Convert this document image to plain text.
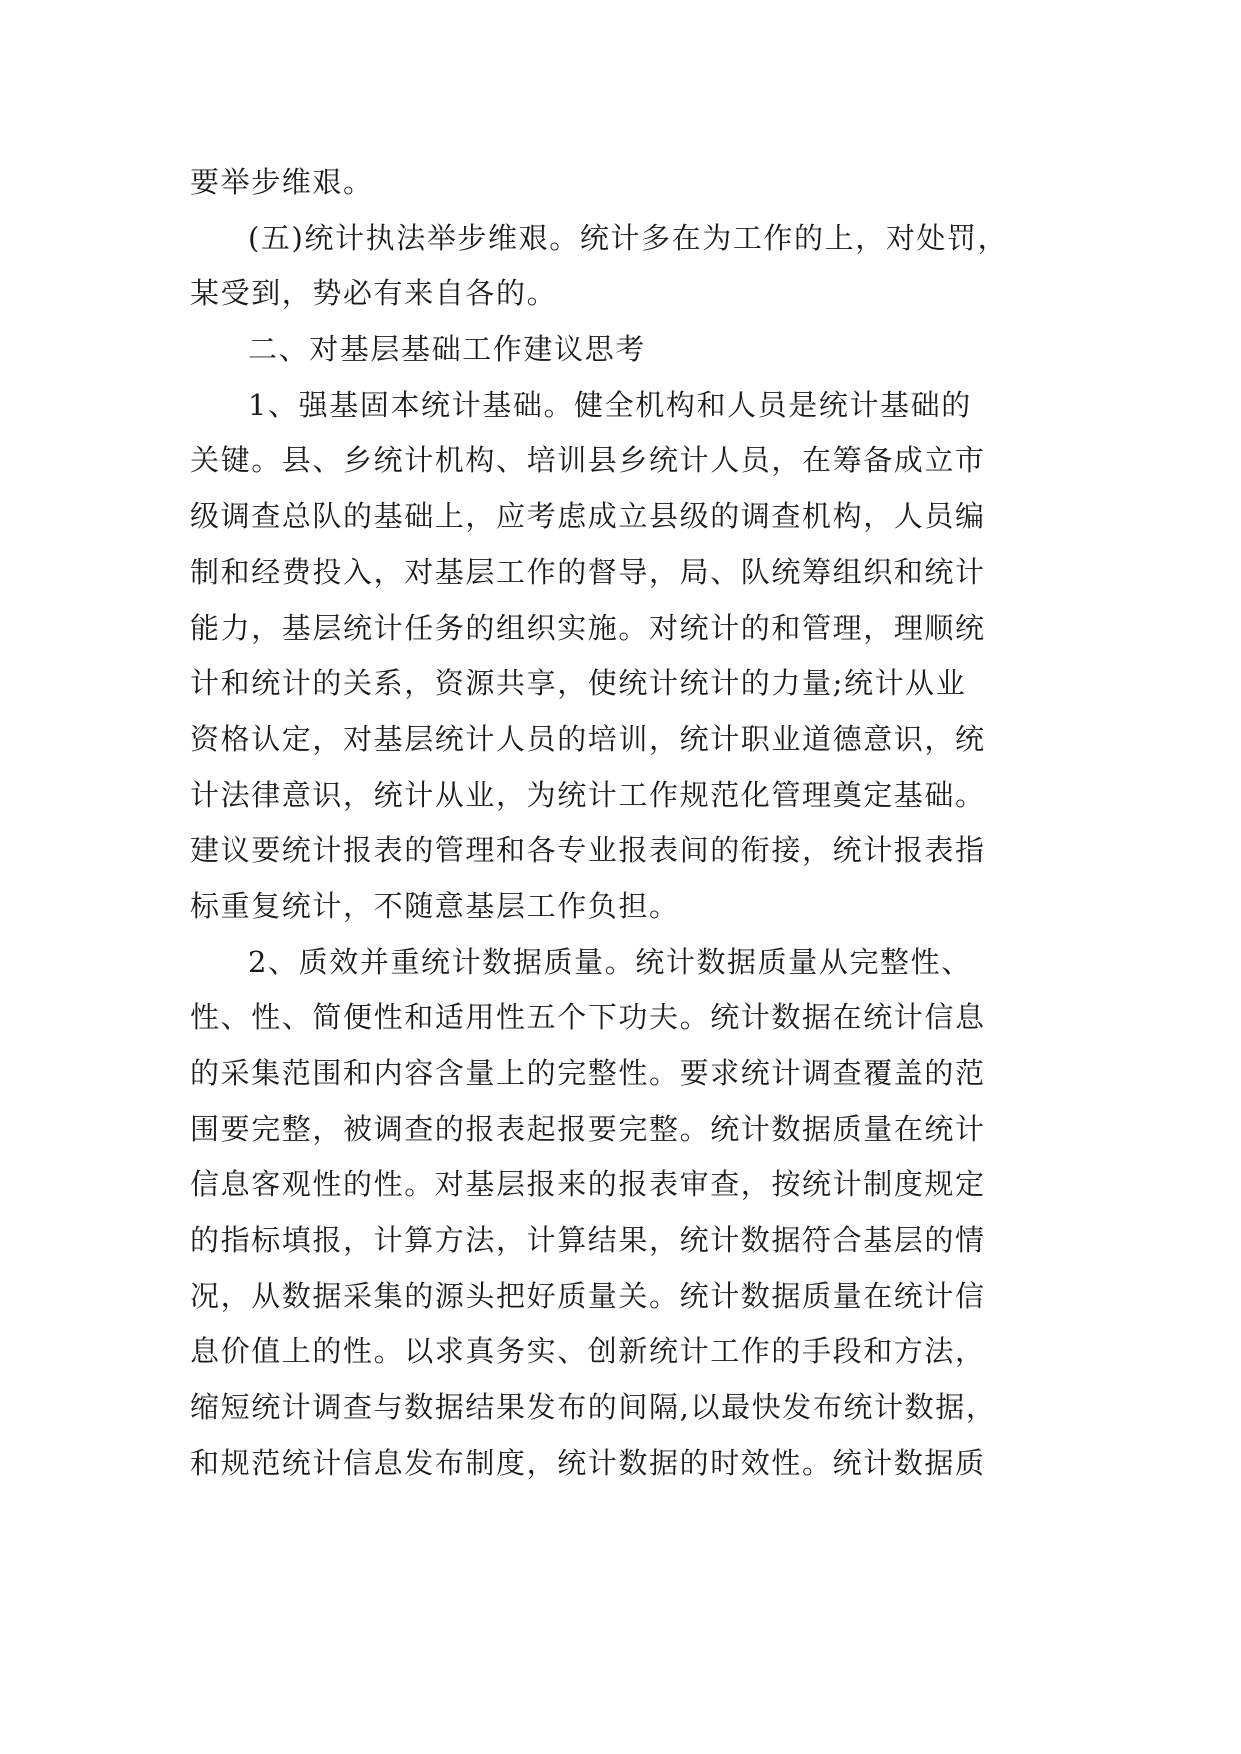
要举步维艰。
(五)统计执法举步维艰。统计多在为工作的上，对处罚，
某受到，势必有来自各的。
二、对基层基础工作建议思考
1、强基固本统计基础。健全机构和人员是统计基础的
关键。县、乡统计机构、培训县乡统计人员，在筹备成立市
级调查总队的基础上，应考虑成立县级的调查机构，人员编
制和经费投入，对基层工作的督导，局、队统筹组织和统计
能力，基层统计任务的组织实施。对统计的和管理，理顺统
计和统计的关系，资源共享，使统计统计的力量;统计从业
资格认定，对基层统计人员的培训，统计职业道德意识，统
计法律意识，统计从业，为统计工作规范化管理奠定基础。
建议要统计报表的管理和各专业报表间的衔接，统计报表指
标重复统计，不随意基层工作负担。
2、质效并重统计数据质量。统计数据质量从完整性、
性、性、简便性和适用性五个下功夫。统计数据在统计信息
的采集范围和内容含量上的完整性。要求统计调查覆盖的范
围要完整，被调查的报表起报要完整。统计数据质量在统计
信息客观性的性。对基层报来的报表审查，按统计制度规定
的指标填报，计算方法，计算结果，统计数据符合基层的情
况，从数据采集的源头把好质量关。统计数据质量在统计信
息价值上的性。以求真务实、创新统计工作的手段和方法，
缩短统计调查与数据结果发布的间隔,以最快发布统计数据，
和规范统计信息发布制度，统计数据的时效性。统计数据质
